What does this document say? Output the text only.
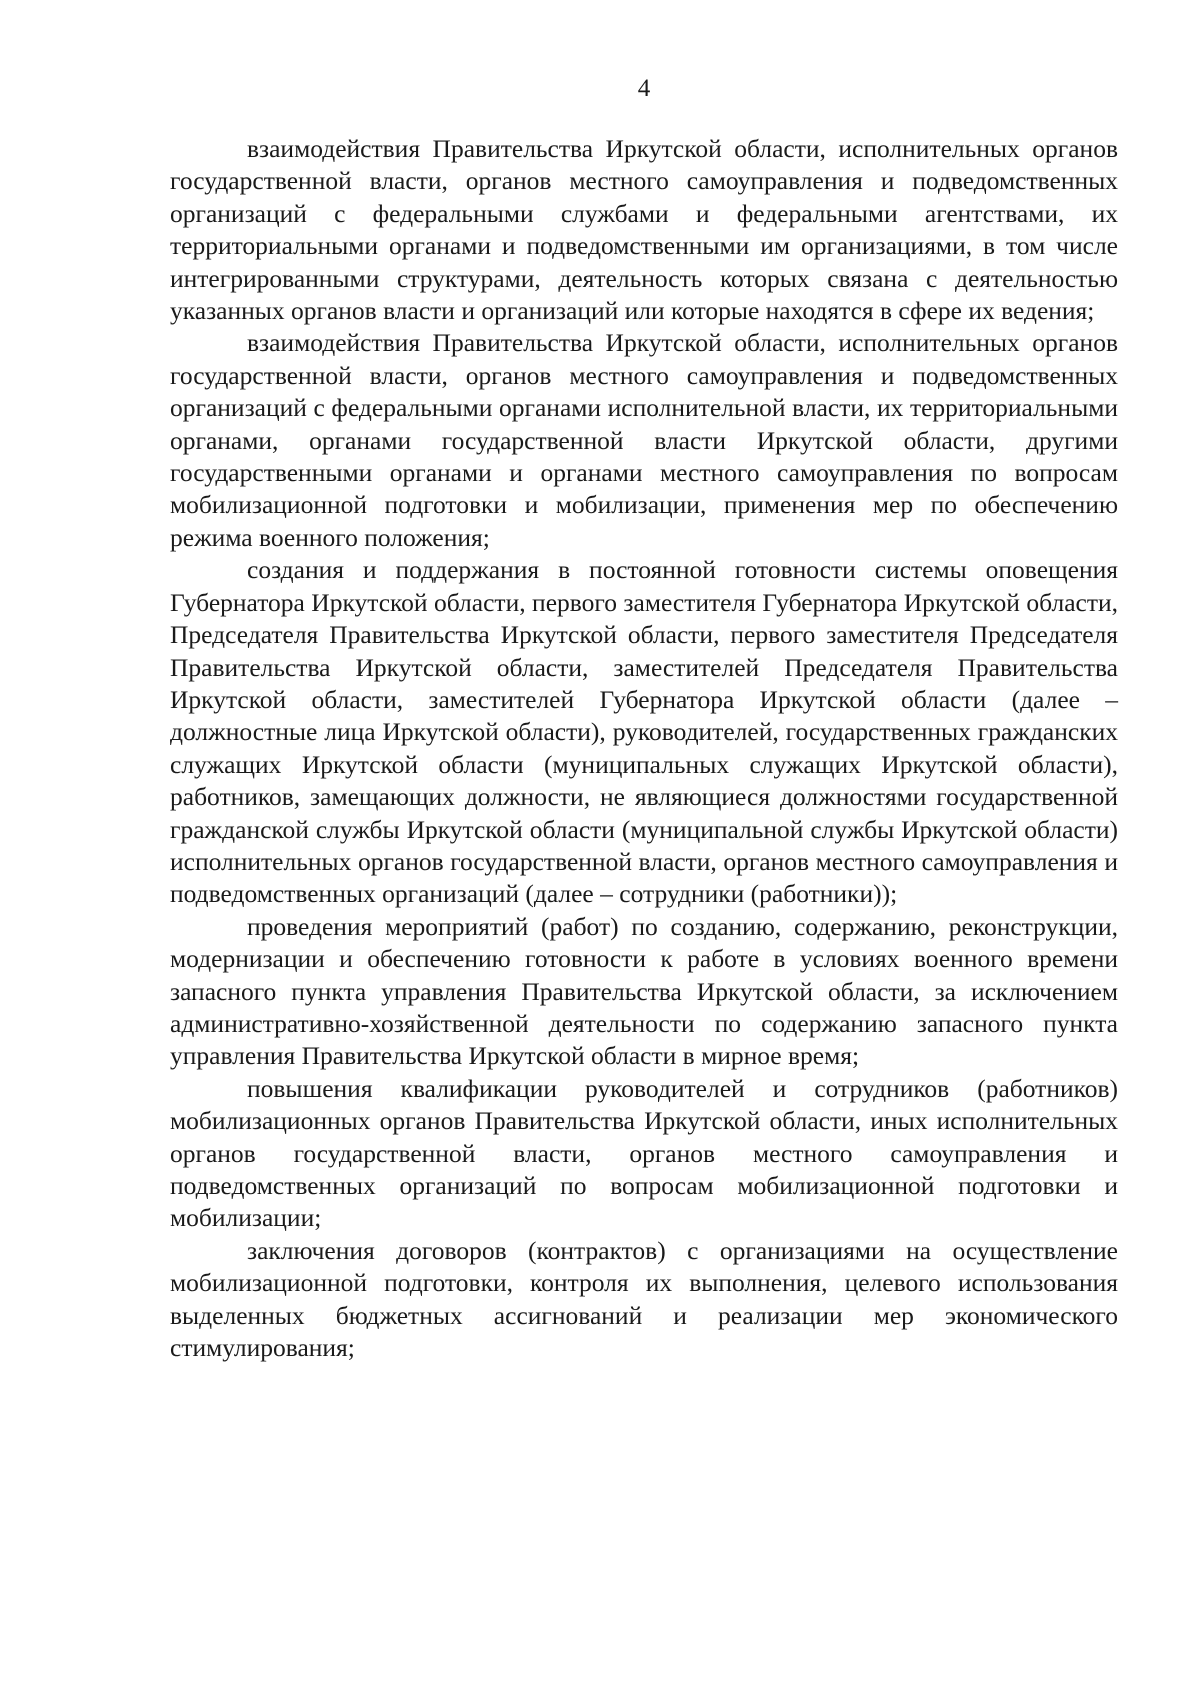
4

взаимодействия Правительства Иркутской области, исполнительных органов государственной власти, органов местного самоуправления и подведомственных организаций с федеральными службами и федеральными агентствами, их территориальными органами и подведомственными им организациями, в том числе интегрированными структурами, деятельность которых связана с деятельностью указанных органов власти и организаций или которые находятся в сфере их ведения;

взаимодействия Правительства Иркутской области, исполнительных органов государственной власти, органов местного самоуправления и подведомственных организаций с федеральными органами исполнительной власти, их территориальными органами, органами государственной власти Иркутской области, другими государственными органами и органами местного самоуправления по вопросам мобилизационной подготовки и мобилизации, применения мер по обеспечению режима военного положения;

создания и поддержания в постоянной готовности системы оповещения Губернатора Иркутской области, первого заместителя Губернатора Иркутской области, Председателя Правительства Иркутской области, первого заместителя Председателя Правительства Иркутской области, заместителей Председателя Правительства Иркутской области, заместителей Губернатора Иркутской области (далее – должностные лица Иркутской области), руководителей, государственных гражданских служащих Иркутской области (муниципальных служащих Иркутской области), работников, замещающих должности, не являющиеся должностями государственной гражданской службы Иркутской области (муниципальной службы Иркутской области) исполнительных органов государственной власти, органов местного самоуправления и подведомственных организаций (далее – сотрудники (работники));

проведения мероприятий (работ) по созданию, содержанию, реконструкции, модернизации и обеспечению готовности к работе в условиях военного времени запасного пункта управления Правительства Иркутской области, за исключением административно-хозяйственной деятельности по содержанию запасного пункта управления Правительства Иркутской области в мирное время;

повышения квалификации руководителей и сотрудников (работников) мобилизационных органов Правительства Иркутской области, иных исполнительных органов государственной власти, органов местного самоуправления и подведомственных организаций по вопросам мобилизационной подготовки и мобилизации;

заключения договоров (контрактов) с организациями на осуществление мобилизационной подготовки, контроля их выполнения, целевого использования выделенных бюджетных ассигнований и реализации мер экономического стимулирования;
